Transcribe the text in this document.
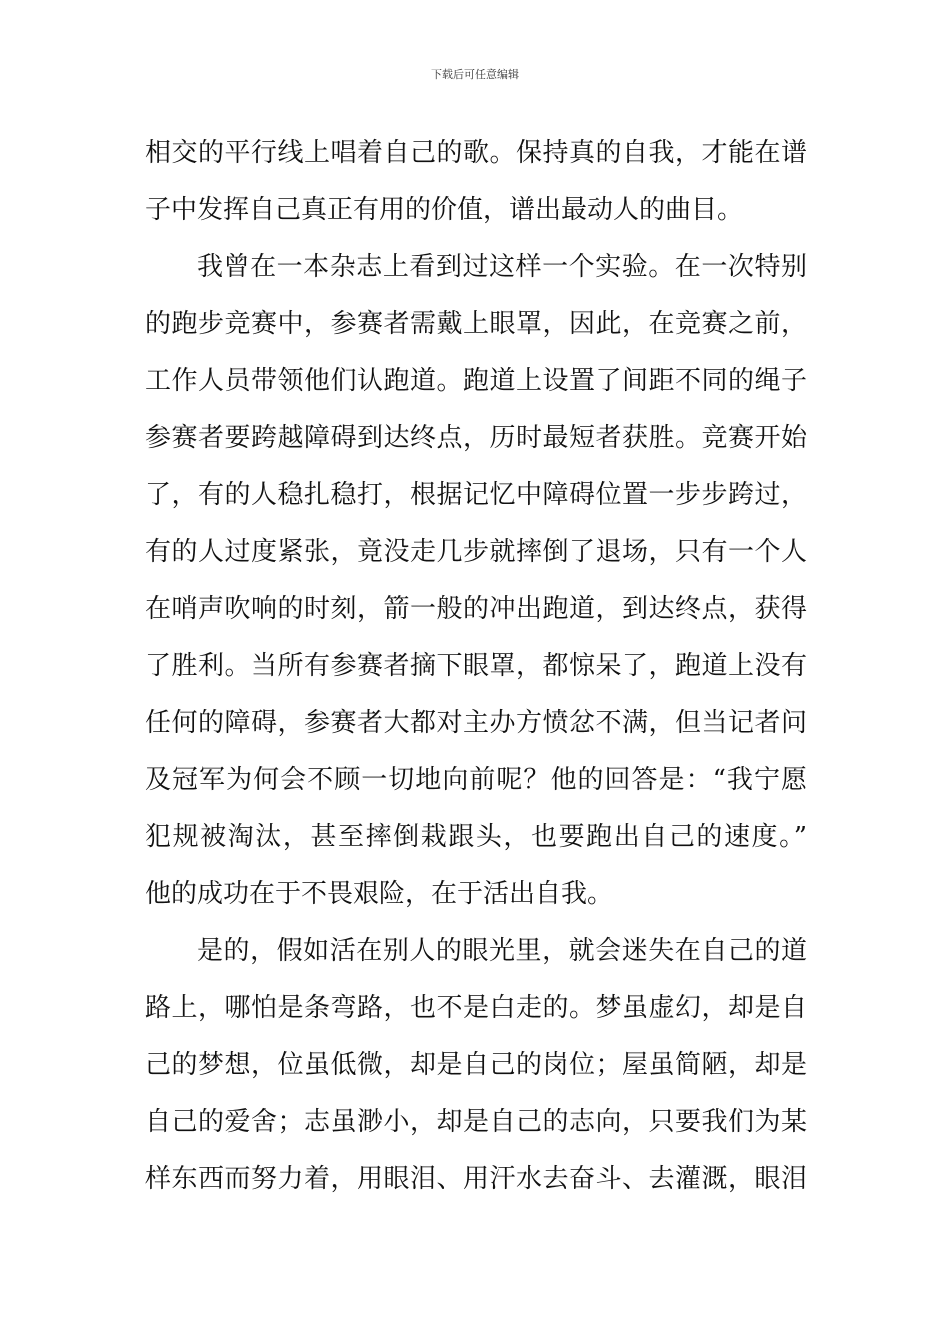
下载后可任意编辑
相交的平行线上唱着自己的歌。保持真的自我，才能在谱
子中发挥自己真正有用的价值，谱出最动人的曲目。
我曾在一本杂志上看到过这样一个实验。在一次特别
的跑步竞赛中，参赛者需戴上眼罩，因此，在竞赛之前，
工作人员带领他们认跑道。跑道上设置了间距不同的绳子
参赛者要跨越障碍到达终点，历时最短者获胜。竞赛开始
了，有的人稳扎稳打，根据记忆中障碍位置一步步跨过，
有的人过度紧张，竟没走几步就摔倒了退场，只有一个人
在哨声吹响的时刻，箭一般的冲出跑道，到达终点，获得
了胜利。当所有参赛者摘下眼罩，都惊呆了，跑道上没有
任何的障碍，参赛者大都对主办方愤忿不满，但当记者问
及冠军为何会不顾一切地向前呢？他的回答是：“我宁愿
犯规被淘汰，甚至摔倒栽跟头，也要跑出自己的速度。”
他的成功在于不畏艰险，在于活出自我。
是的，假如活在别人的眼光里，就会迷失在自己的道
路上，哪怕是条弯路，也不是白走的。梦虽虚幻，却是自
己的梦想，位虽低微，却是自己的岗位；屋虽简陋，却是
自己的爱舍；志虽渺小，却是自己的志向，只要我们为某
样东西而努力着，用眼泪、用汗水去奋斗、去灌溉，眼泪
